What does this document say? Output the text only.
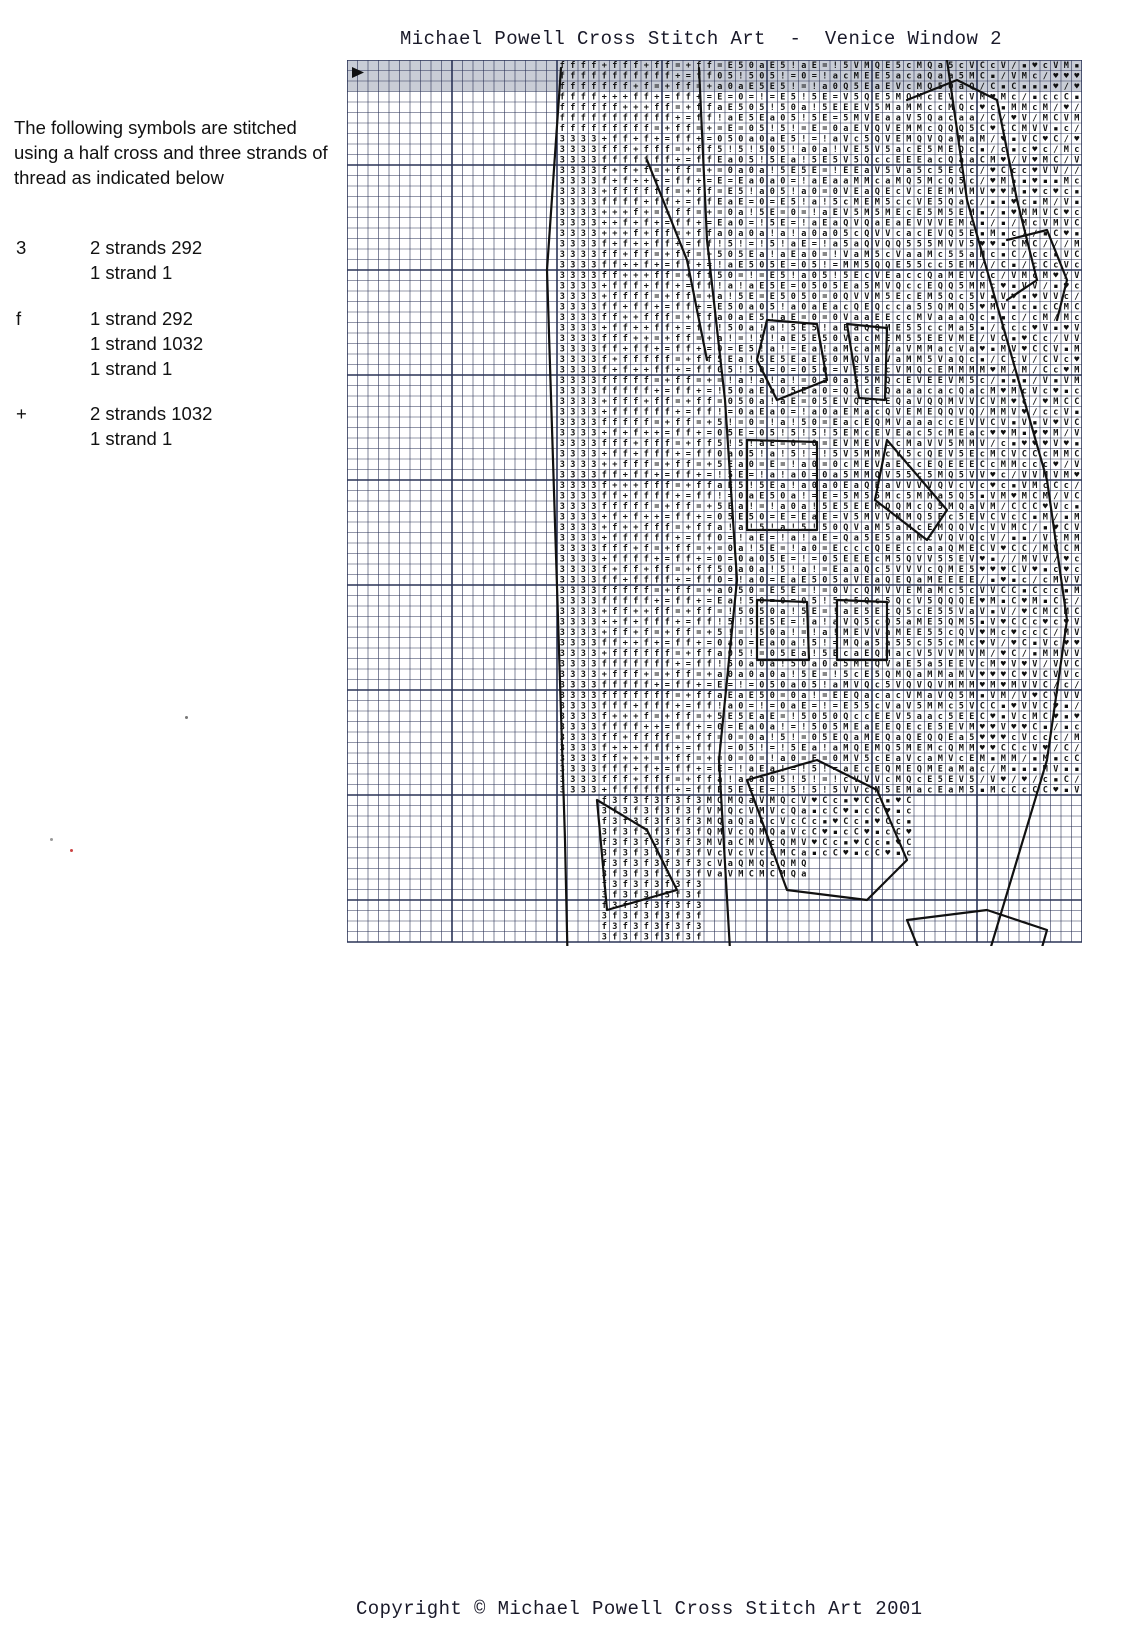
Michael Powell Cross Stitch Art  -  Venice Window 2
The following symbols are stitched using a half cross and three strands of thread as indicated below
3	2 strands 292
1 strand 1
f	1 strand 292
1 strand 1032
1 strand 1
+	2 strands 1032
1 strand 1
f f f f + f f f + f f = + f f = E 5 0 a E 5 ! a E = ! 5 V M Q E 5 c M Q a 5 c V C c V ∕ ▪ ♥ c V M ▪
f f f f f f f f f f f + = f f 0 5 ! 5 0 5 ! = 0 = ! a c M E E 5 a c a Q a a 5 M C ▪ ∕ V M c ∕ ♥ ♥ ♥
f f f f f f f + f = + f f = + a 0 a E 5 E 5 ! = ! a 0 Q 5 E a E V c M Q 5 Q a Q ∕ C ▪ C ▪ ▪ ▪ ♥ ∕ ♥
f f f f + + + f f + = f f + = E = 0 = ! = E 5 ! 5 E = V 5 Q E 5 M Q M c E V c V M ♥ M c ∕ ▪ c c C ▪
f f f f f f + + + f f = + f f a E 5 0 5 ! 5 0 a ! 5 E E E V 5 M a M M c c M Q c ♥ c ▪ M M c M ∕ ♥ ∕
f f f f f f f f f f f + = f f ! a E 5 E a 0 5 ! 5 E = 5 M V E a a V 5 Q a c a a ∕ C ∕ ♥ V ∕ M C V M
f f f f f f f f f = + f f = + = E = 0 5 ! 5 ! = E = 0 a E V Q V E M M c Q Q Q 5 C ♥ C C M V V ▪ c ∕
3 3 3 3 + f f + f + = f f + = 0 5 0 a 0 a E 5 ! = ! a V c 5 Q V E M Q V Q a M a M ∕ ♥ ▪ V C ♥ C ∕ ♥
3 3 3 3 f f f + f f f = + f f 5 ! 5 ! 5 0 5 ! a 0 a ! V E 5 V 5 a c E 5 M E Q c ▪ ∕ c ▪ c ♥ c ∕ M c
3 3 3 3 f f f f f f f + = f f E a 0 5 ! 5 E a ! 5 E 5 V 5 Q c c E E E a c Q a a C M ♥ ∕ V ♥ M C ∕ V
3 3 3 3 f + f + f = + f f = + = 0 a 0 a ! 5 E 5 E = ! E E a V 5 V a 5 c 5 E Q c ∕ ♥ C c c ♥ V V ∕ ∕
3 3 3 3 f + f + + + = f f + = E = E a 0 a 0 = ! a E a a M M c a M Q 5 M c Q 5 c ∕ ♥ M ▪ ▪ ♥ ▪ ▪ M c
3 3 3 3 + f f f f f f = + f f = E 5 ! a 0 5 ! a 0 = 0 V E a Q E c V c E E M V M V ♥ ♥ M ▪ ♥ c ♥ c ▪
3 3 3 3 f f f f + f f + = f f E a E = 0 = E 5 ! a ! 5 c M E M 5 c c V E 5 Q a c ∕ ▪ ▪ ♥ c ▪ M ∕ V ▪
3 3 3 3 + + + f + = + f f = + = 0 a ! 5 E = 0 = ! a E V 5 M 5 M E c E 5 M 5 E M ▪ ∕ ▪ ♥ M M V C ♥ c
3 3 3 3 + + f + f + = f f + = E a 0 = ! 5 E = ! a E a Q V Q a E a E V V V E M c ▪ ∕ ▪ ∕ M c V M V C
3 3 3 3 + + + f + f f = + f f a 0 a 0 a ! a ! a 0 a 0 5 c Q V V c a c E V Q 5 E ▪ M ▪ c ∕ ∕ ▪ C ♥ ▪
3 3 3 3 f + f + + f f + = f f ! 5 ! = ! 5 ! a E = ! a 5 a Q V Q Q 5 5 5 M V V 5 ♥ ♥ ▪ C M C ∕ ∕ ∕ M
3 3 3 3 f f + f f = + f f = + 5 0 5 E a ! a E a 0 = ! V a M 5 c V a a M c 5 5 a M c ▪ C ∕ c c ▪ V C
3 3 3 3 f f + + f + = f f + = ! a E 5 0 5 E = 0 5 ! = M M 5 Q Q E 5 5 c c 5 E M ∕ ∕ C ▪ ∕ c C c V c
3 3 3 3 f f + + + f f = + f f 5 0 = ! = E 5 ! a 0 5 ! 5 E c V E a c c Q a M E V C c ∕ V M c M ♥ ∕ V
3 3 3 3 + f f f + f f + = f f ! a ! a E 5 E = 0 5 0 5 E a 5 M V Q c c E Q Q 5 M M c ♥ ▪ V V ∕ ▪ ♥ c
3 3 3 3 + f f f f = + f f = + a ! 5 E = E 5 0 5 0 = 0 Q V V M 5 E c E M 5 Q c 5 V ▪ V ♥ ▪ ♥ V V c ∕
3 3 3 3 f f + f f + = f f + = E 5 0 a 0 5 ! a 0 a E a c Q E Q c c a 5 5 Q M Q 5 ♥ M V ▪ c ▪ c C M C
3 3 3 3 f f + + f f f = + f f a 0 a E 5 ! a E = 0 = 0 V a a E E c c M V a a a Q c ▪ ▪ c ∕ c M ∕ M c
3 3 3 3 + f f + + f f + = f f ! 5 0 a ! a ! 5 E 5 ! a E a Q Q M E 5 5 c c M a 5 ▪ ∕ C c c ♥ V ▪ ♥ V
3 3 3 3 f f f + + = + f f = + a ! = ! 5 ! a E 5 E 5 0 V a c M E M 5 5 E E V M E ∕ V C ▪ ♥ C c ∕ V V
3 3 3 3 f f + f f + = f f + = 0 = E 5 ! a ! = E a ! a M c a M V a V M M a c V a ♥ ▪ M V ♥ C C V ▪ M
3 3 3 3 f + f f f f f = + f f 5 E a ! 5 E 5 E a E 5 0 M Q V a V a M M 5 V a Q c ▪ ∕ C c V ∕ C V c ♥
3 3 3 3 f + f + + f f + = f f 0 5 ! 5 0 = 0 = 0 5 0 = V E 5 E c V M Q c E M M M M ♥ M ∕ M ∕ C c ♥ M
3 3 3 3 f f f f f = + f f = + = ! a ! a ! a ! = 0 a 0 a 5 5 M Q c E V E E V M 5 c ∕ ▪ ▪ ▪ ∕ V ▪ V M
3 3 3 3 f f f f f + = f f + = ! 5 0 a E a 0 5 E a 0 = Q a c E Q a a a c a c Q a c M ♥ M c V c ♥ ▪ c
3 3 3 3 + f f f + f f = + f f = 0 5 0 a ! a E = 0 5 E V Q E c E Q a V Q Q M V V C V M ♥ c ∕ ♥ M C C
3 3 3 3 + f f f f f f + = f f ! = 0 a E a 0 = ! a 0 a E M a c Q V E M E Q Q V Q ∕ M M V ♥ ∕ c c V ▪
3 3 3 3 f f f f f = + f f = + 5 ! = 0 = ! a ! 5 0 = E a c E Q M V a a a c c E V V C V ▪ V ▪ V ♥ V C
3 3 3 3 + f + f + + = f f + = 0 5 E = 0 5 ! 5 ! 5 ! 5 E M c E V E a c 5 c M E a c ♥ ♥ M ▪ ♥ ♥ M ∕ V
3 3 3 3 f f f + f f f = + f f 5 ! 5 ! a E = 0 = 0 = E V M E V c c M a V V 5 M M V ∕ c ▪ ♥ ♥ ♥ V ♥ ▪
3 3 3 3 + f f + f f f + = f f 0 a 0 5 ! a ! 5 ! = ! 5 V 5 M M c V 5 c Q E V 5 E c M C V C C c M M C
3 3 3 3 + + f f f = + f f = + 5 E a 0 = E = ! a 0 = 0 c M E V a E c c E Q E E E C c M M c c c ♥ ∕ V
3 3 3 3 f f + f f + = f f + = ! 5 E = ! a ! a 0 = 0 a 5 M M Q V 5 5 c 5 M Q 5 V V ♥ c ∕ V V M V M ♥
3 3 3 3 f + + + f f f = + f f a E 5 ! 5 E a ! a 0 a 0 E a Q E a V V V V Q V c V c ♥ c ▪ V M c C c ∕
3 3 3 3 f f + f f f f + = f f ! = 0 a E 5 0 a ! = E = 5 M 5 5 M c 5 M M a 5 Q 5 ▪ V M ♥ M C M ∕ V C
3 3 3 3 f f f f f = + f f = + 5 E a ! = ! a 0 a ! 5 E 5 E E M Q Q M c Q 5 M Q a V M ∕ C C C ♥ V c ▪
3 3 3 3 + f + f + + = f f + = 0 5 E 5 0 = E = E a E = V 5 M V V M M Q 5 E c 5 E V C V c C ▪ M ∕ ▪ M
3 3 3 3 + f + + f f f = + f f a ! a ! 5 ! a ! 5 ! 5 0 Q V a M 5 a M c E M Q Q V c V V M C ∕ ▪ ♥ C V
3 3 3 3 + f f f f f f + = f f 0 = ! a E = ! a ! a E = Q a 5 E 5 a M M c V Q V Q c V ∕ ▪ ▪ ∕ V c M M
3 3 3 3 f f f + f = + f f = + = 0 a ! 5 E = ! a 0 = E c c c Q E E c c a a Q M E C V ♥ C C ∕ M V C M
3 3 3 3 + f f f f + = f f + = 0 = 0 a 0 5 E = ! = 0 5 E E E c M 5 Q V V 5 5 E V ♥ ▪ ∕ ∕ M V V ∕ ♥ c
3 3 3 3 f + f f + f f = + f f 5 0 a 0 a ! 5 ! a ! = E a a Q c 5 V V V c Q M E 5 ♥ ♥ ♥ C V ♥ ▪ c ♥ c
3 3 3 3 f f + f f f f + = f f 0 = ! a 0 = E a E 5 0 5 a V E a Q E Q a M E E E E ∕ ▪ ♥ ▪ c ∕ c M V V
3 3 3 3 f f f f f = + f f = + a 0 5 0 = E 5 E = ! = 0 V c Q M V V E M a M c 5 c V V C C ▪ C c c ▪ M
3 3 3 3 f f f f f + = f f + = E a ! 5 0 = 0 = 0 5 ! 5 c 5 Q c 5 Q c V 5 Q Q Q E ♥ M ▪ C ♥ M ▪ C c ∕
3 3 3 3 + f f + + f f = + f f = ! 5 0 5 0 a ! 5 E = ! a E 5 E c Q 5 c E 5 5 V a V ▪ V ∕ ♥ C M C M C
3 3 3 3 + + f + f f f + = f f ! 5 ! 5 E 5 E = ! a ! a V Q 5 c Q 5 a M E 5 Q M 5 ▪ V ♥ C C c ♥ c ♥ V
3 3 3 3 + f f + f = + f f = + 5 ! = ! 5 0 a ! = ! a ! M E V V a M E E 5 5 c Q V ♥ M c ♥ c c C ∕ M V
3 3 3 3 f f + + f + = f f + = 0 a 0 = E a 0 a ! 5 ! = M Q a 5 a 5 5 c 5 5 c M c ♥ V ∕ ♥ C ▪ V c ♥ ♥
3 3 3 3 + f f f f f f = + f f a 0 5 ! = 0 5 E a ! 5 E c a E Q M a c V 5 V V M V M ∕ ♥ C ∕ ▪ M M V V
3 3 3 3 f f f f f f f + = f f ! 5 0 a 0 a ! 5 0 a 0 a 5 M E Q V a E 5 a 5 E E V c M ♥ V ♥ V ∕ V V C
3 3 3 3 + f f f + = + f f = + a 0 a 0 a 0 a ! 5 E = ! 5 c E 5 Q M Q a M M a M V ♥ ♥ ♥ C ♥ V C V V c
3 3 3 3 f f f f f + = f f + = E = ! = 0 5 0 a 0 5 ! a M V Q c 5 V Q V Q V M M M ♥ M ♥ M V V C ∕ c ∕
3 3 3 3 f f f f f f f = + f f a E a E 5 0 = 0 a ! = E E Q a c a c V M a V Q 5 M ▪ V M ∕ V ♥ C V V V
3 3 3 3 f f f + f f f + = f f ! a 0 = ! = 0 a E = ! = E 5 5 c V a V 5 M M c 5 V C C ▪ ♥ V V C ♥ ▪ ∕
3 3 3 3 f + + + f = + f f = + 5 E 5 E a E = ! 5 0 5 0 Q c c E E V 5 a a c 5 E E C ♥ ▪ V c M C ♥ ▪ ♥
3 3 3 3 f f f f + + = f f + = 0 = E a 0 a ! = ! 5 0 5 M E a E E Q E c E 5 E V M ♥ ♥ V ♥ ♥ C ▪ ∕ ▪ c
3 3 3 3 f f + f f f f = + f f = 0 = 0 a ! 5 ! = 0 5 E Q a M E Q a Q E Q Q E a 5 ♥ ♥ ♥ c V c c c ∕ M
3 3 3 3 f + + + f f f + = f f ! = 0 5 ! = ! 5 E a ! a M Q E M Q 5 M E M c Q M M ♥ ♥ C C c V ♥ ∕ C ∕
3 3 3 3 f f + + + = + f f = + = 0 = 0 = ! a 0 = E = 0 M V 5 c E a V c a M V c E M ▪ M M ∕ ▪ M ▪ c C
3 3 3 3 f f f + f + = f f + = E = ! a E a ! = ! 5 ! = a E c E Q M E Q M E a M a c ∕ M ▪ ▪ ▪ M V ▪ ▪
3 3 3 3 f f f + f f f = + f f a ! a 0 a 0 5 ! 5 ! = ! c V V V c M Q c E 5 E V 5 ∕ V ♥ ∕ ♥ ∕ c ▪ C ∕
3 3 3 3 + f f f f f f + = f f E 5 E = E = ! 5 ! 5 ! 5 V V c M 5 E M a c E a M 5 ▪ M c C c C C ♥ ▪ V
f 3 f 3 f 3 f 3 f 3 M Q M Q a V M Q c V ♥ C c ▪ ♥ C c ▪ ♥ C
3 f 3 f 3 f 3 f 3 f V M Q c V M V c Q a ▪ c C ♥ ▪ c C ♥ ▪ c
f 3 f 3 f 3 f 3 f 3 M Q a Q a C c V c C c ▪ ♥ C c ▪ ♥ C c ▪
3 f 3 f 3 f 3 f 3 f Q M V c Q M Q a V c C ♥ ▪ c C ♥ ▪ c C ♥
f 3 f 3 f 3 f 3 f 3 M V a C M V c Q M V ♥ C c ▪ ♥ C c ▪ ♥ C
3 f 3 f 3 f 3 f 3 f V c V c V c C M C a ▪ c C ♥ ▪ c C ♥ ▪ c
f 3 f 3 f 3 f 3 f 3 c V a Q M Q c Q M Q
3 f 3 f 3 f 3 f 3 f V a V M C M C M Q a
f 3 f 3 f 3 f 3 f 3
3 f 3 f 3 f 3 f 3 f
f 3 f 3 f 3 f 3 f 3
3 f 3 f 3 f 3 f 3 f
f 3 f 3 f 3 f 3 f 3
3 f 3 f 3 f 3 f 3 f
Copyright © Michael Powell Cross Stitch Art 2001
